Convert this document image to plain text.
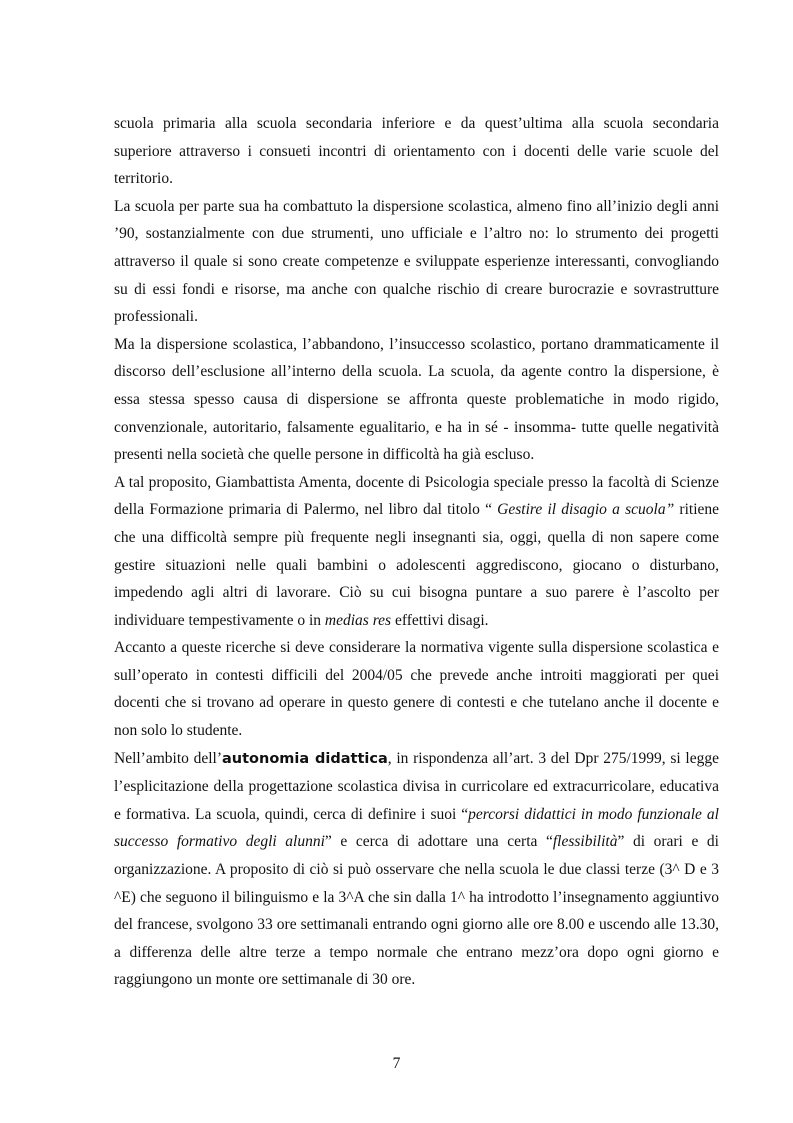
scuola primaria alla scuola secondaria inferiore e da quest’ultima alla scuola secondaria superiore attraverso i consueti incontri di orientamento con i docenti delle varie scuole del territorio.

La scuola per parte sua ha combattuto la dispersione scolastica, almeno fino all’inizio degli anni ’90, sostanzialmente con due strumenti, uno ufficiale e l’altro no: lo strumento dei progetti attraverso il quale si sono create competenze e sviluppate esperienze interessanti, convogliando su di essi fondi e risorse, ma anche con qualche rischio di creare burocrazie e sovrastrutture professionali.

Ma la dispersione scolastica, l’abbandono, l’insuccesso scolastico, portano drammaticamente il discorso dell’esclusione all’interno della scuola. La scuola, da agente contro la dispersione, è essa stessa spesso causa di dispersione se affronta queste problematiche in modo rigido, convenzionale, autoritario, falsamente egualitario, e ha in sé - insomma- tutte quelle negatività presenti nella società che quelle persone in difficoltà ha già escluso.

A tal proposito, Giambattista Amenta, docente di Psicologia speciale presso la facoltà di Scienze della Formazione primaria di Palermo, nel libro dal titolo “ Gestire il disagio a scuola” ritiene che una difficoltà sempre più frequente negli insegnanti sia, oggi, quella di non sapere come gestire situazioni nelle quali bambini o adolescenti aggrediscono, giocano o disturbano, impedendo agli altri di lavorare. Ciò su cui bisogna puntare a suo parere è l’ascolto per individuare tempestivamente o in medias res effettivi disagi.

Accanto a queste ricerche si deve considerare la normativa vigente sulla dispersione scolastica e sull’operato in contesti difficili del 2004/05 che prevede anche introiti maggiorati per quei docenti che si trovano ad operare in questo genere di contesti e che tutelano anche il docente e non solo lo studente.

Nell’ambito dell’autonomia didattica, in rispondenza all’art. 3 del Dpr 275/1999, si legge l’esplicitazione della progettazione scolastica divisa in curricolare ed extracurricolare, educativa e formativa. La scuola, quindi, cerca di definire i suoi “percorsi didattici in modo funzionale al successo formativo degli alunni” e cerca di adottare una certa “flessibilità” di orari e di organizzazione. A proposito di ciò si può osservare che nella scuola le due classi terze (3^ D e 3 ^E) che seguono il bilinguismo e la 3^A che sin dalla 1^ ha introdotto l’insegnamento aggiuntivo del francese, svolgono 33 ore settimanali entrando ogni giorno alle ore 8.00 e uscendo alle 13.30, a differenza delle altre terze a tempo normale che entrano mezz’ora dopo ogni giorno e raggiungono un monte ore settimanale di 30 ore.

7
